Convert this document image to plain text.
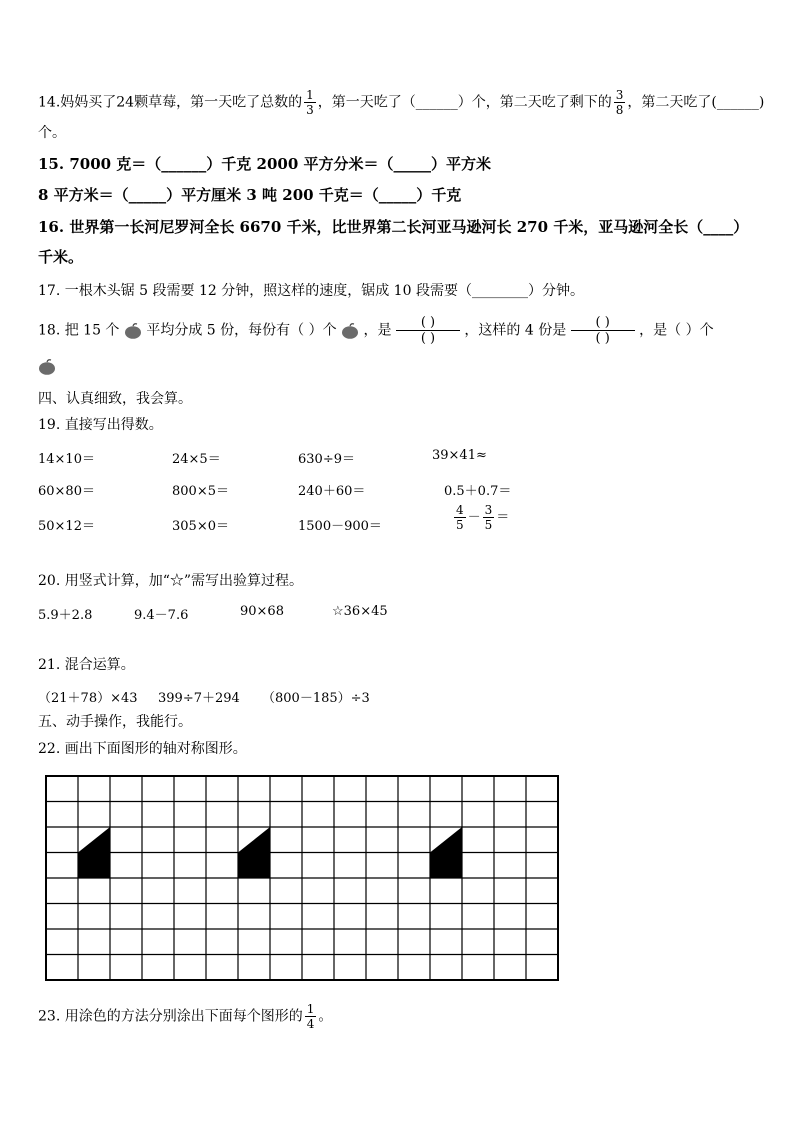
14.妈妈买了24颗草莓，第一天吃了总数的 $\frac{1}{3}$ ，第一天吃了（______）个，第二天吃了剩下的 $\frac{3}{8}$ ，第二天吃了(______)
个。
15. 7000 克＝（______）千克 2000 平方分米＝（_____）平方米
8 平方米＝（_____）平方厘米 3 吨 200 千克＝（_____）千克
16. 世界第一长河尼罗河全长 6670 千米，比世界第二长河亚马逊河长 270 千米，亚马逊河全长（____）
千米。
17. 一根木头锯 5 段需要 12 分钟，照这样的速度，锯成 10 段需要（________）分钟。
18. 把 15 个 平均分成 5 份，每份有（ ）个 ，是	( )
( ) ，这样的 4 份是	( )
( ) ，是（ ）个
四、认真细致，我会算。
19. 直接写出得数。
14×10＝	24×5＝	630÷9＝	39×41≈
60×80＝	800×5＝	240＋60＝	0.5＋0.7＝
50×12＝	305×0＝	1500－900＝	$\frac{4}{5} - \frac{3}{5}$ ＝
20. 用竖式计算，加“☆”需写出验算过程。
5.9＋2.8	9.4－7.6	90×68	☆36×45
21. 混合运算。
（21＋78）×43 399÷7＋294 （800－185）÷3
五、动手操作，我能行。
22. 画出下面图形的轴对称图形。
23. 用涂色的方法分别涂出下面每个图形的 $\frac{1}{4}$ 。
